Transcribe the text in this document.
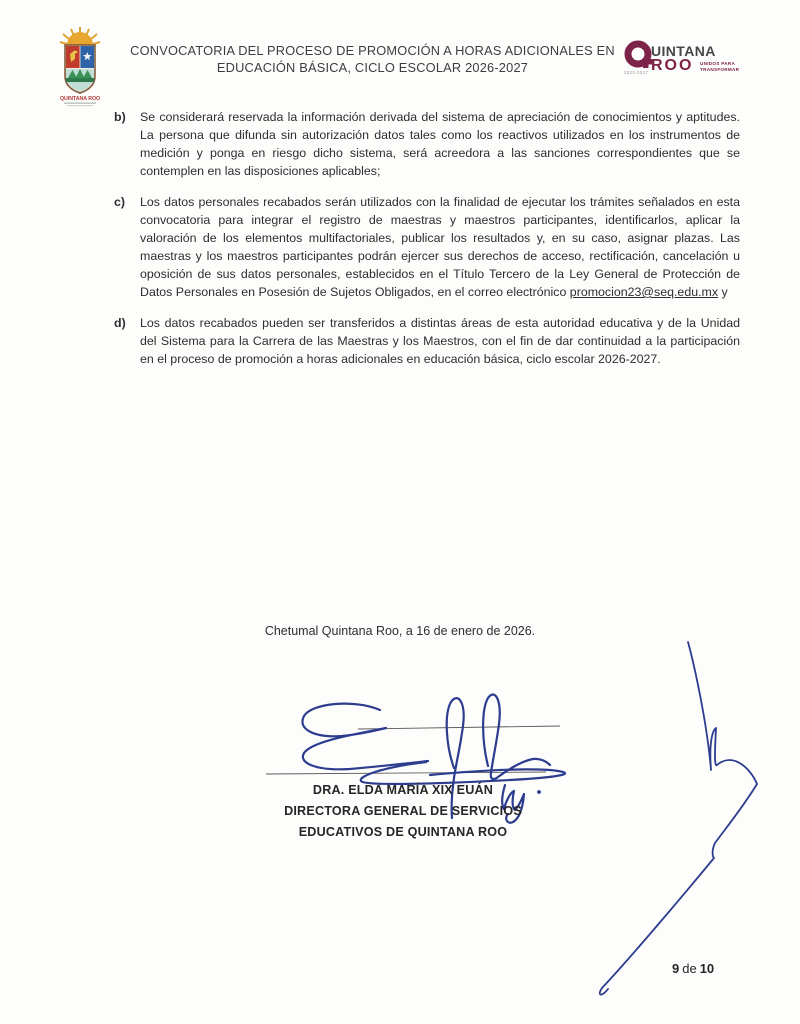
QUINTANA ROO
CONVOCATORIA DEL PROCESO DE PROMOCIÓN A HORAS ADICIONALES EN
EDUCACIÓN BÁSICA, CICLO ESCOLAR 2026-2027
UINTANA
ROO
2022-2027
UNIDOS PARA
TRANSFORMAR
b)	Se considerará reservada la información derivada del sistema de apreciación de conocimientos y aptitudes. La persona que difunda sin autorización datos tales como los reactivos utilizados en los instrumentos de medición y ponga en riesgo dicho sistema, será acreedora a las sanciones correspondientes que se contemplen en las disposiciones aplicables;

c)	Los datos personales recabados serán utilizados con la finalidad de ejecutar los trámites señalados en esta convocatoria para integrar el registro de maestras y maestros participantes, identificarlos, aplicar la valoración de los elementos multifactoriales, publicar los resultados y, en su caso, asignar plazas. Las maestras y los maestros participantes podrán ejercer sus derechos de acceso, rectificación, cancelación u oposición de sus datos personales, establecidos en el Título Tercero de la Ley General de Protección de Datos Personales en Posesión de Sujetos Obligados, en el correo electrónico promocion23@seq.edu.mx y

d)	Los datos recabados pueden ser transferidos a distintas áreas de esta autoridad educativa y de la Unidad del Sistema para la Carrera de las Maestras y los Maestros, con el fin de dar continuidad a la participación en el proceso de promoción a horas adicionales en educación básica, ciclo escolar 2026-2027.

Chetumal Quintana Roo, a 16 de enero de 2026.

DRA. ELDA MARÍA XIX EUÁN
DIRECTORA GENERAL DE SERVICIOS
EDUCATIVOS DE QUINTANA ROO
9 de 10
